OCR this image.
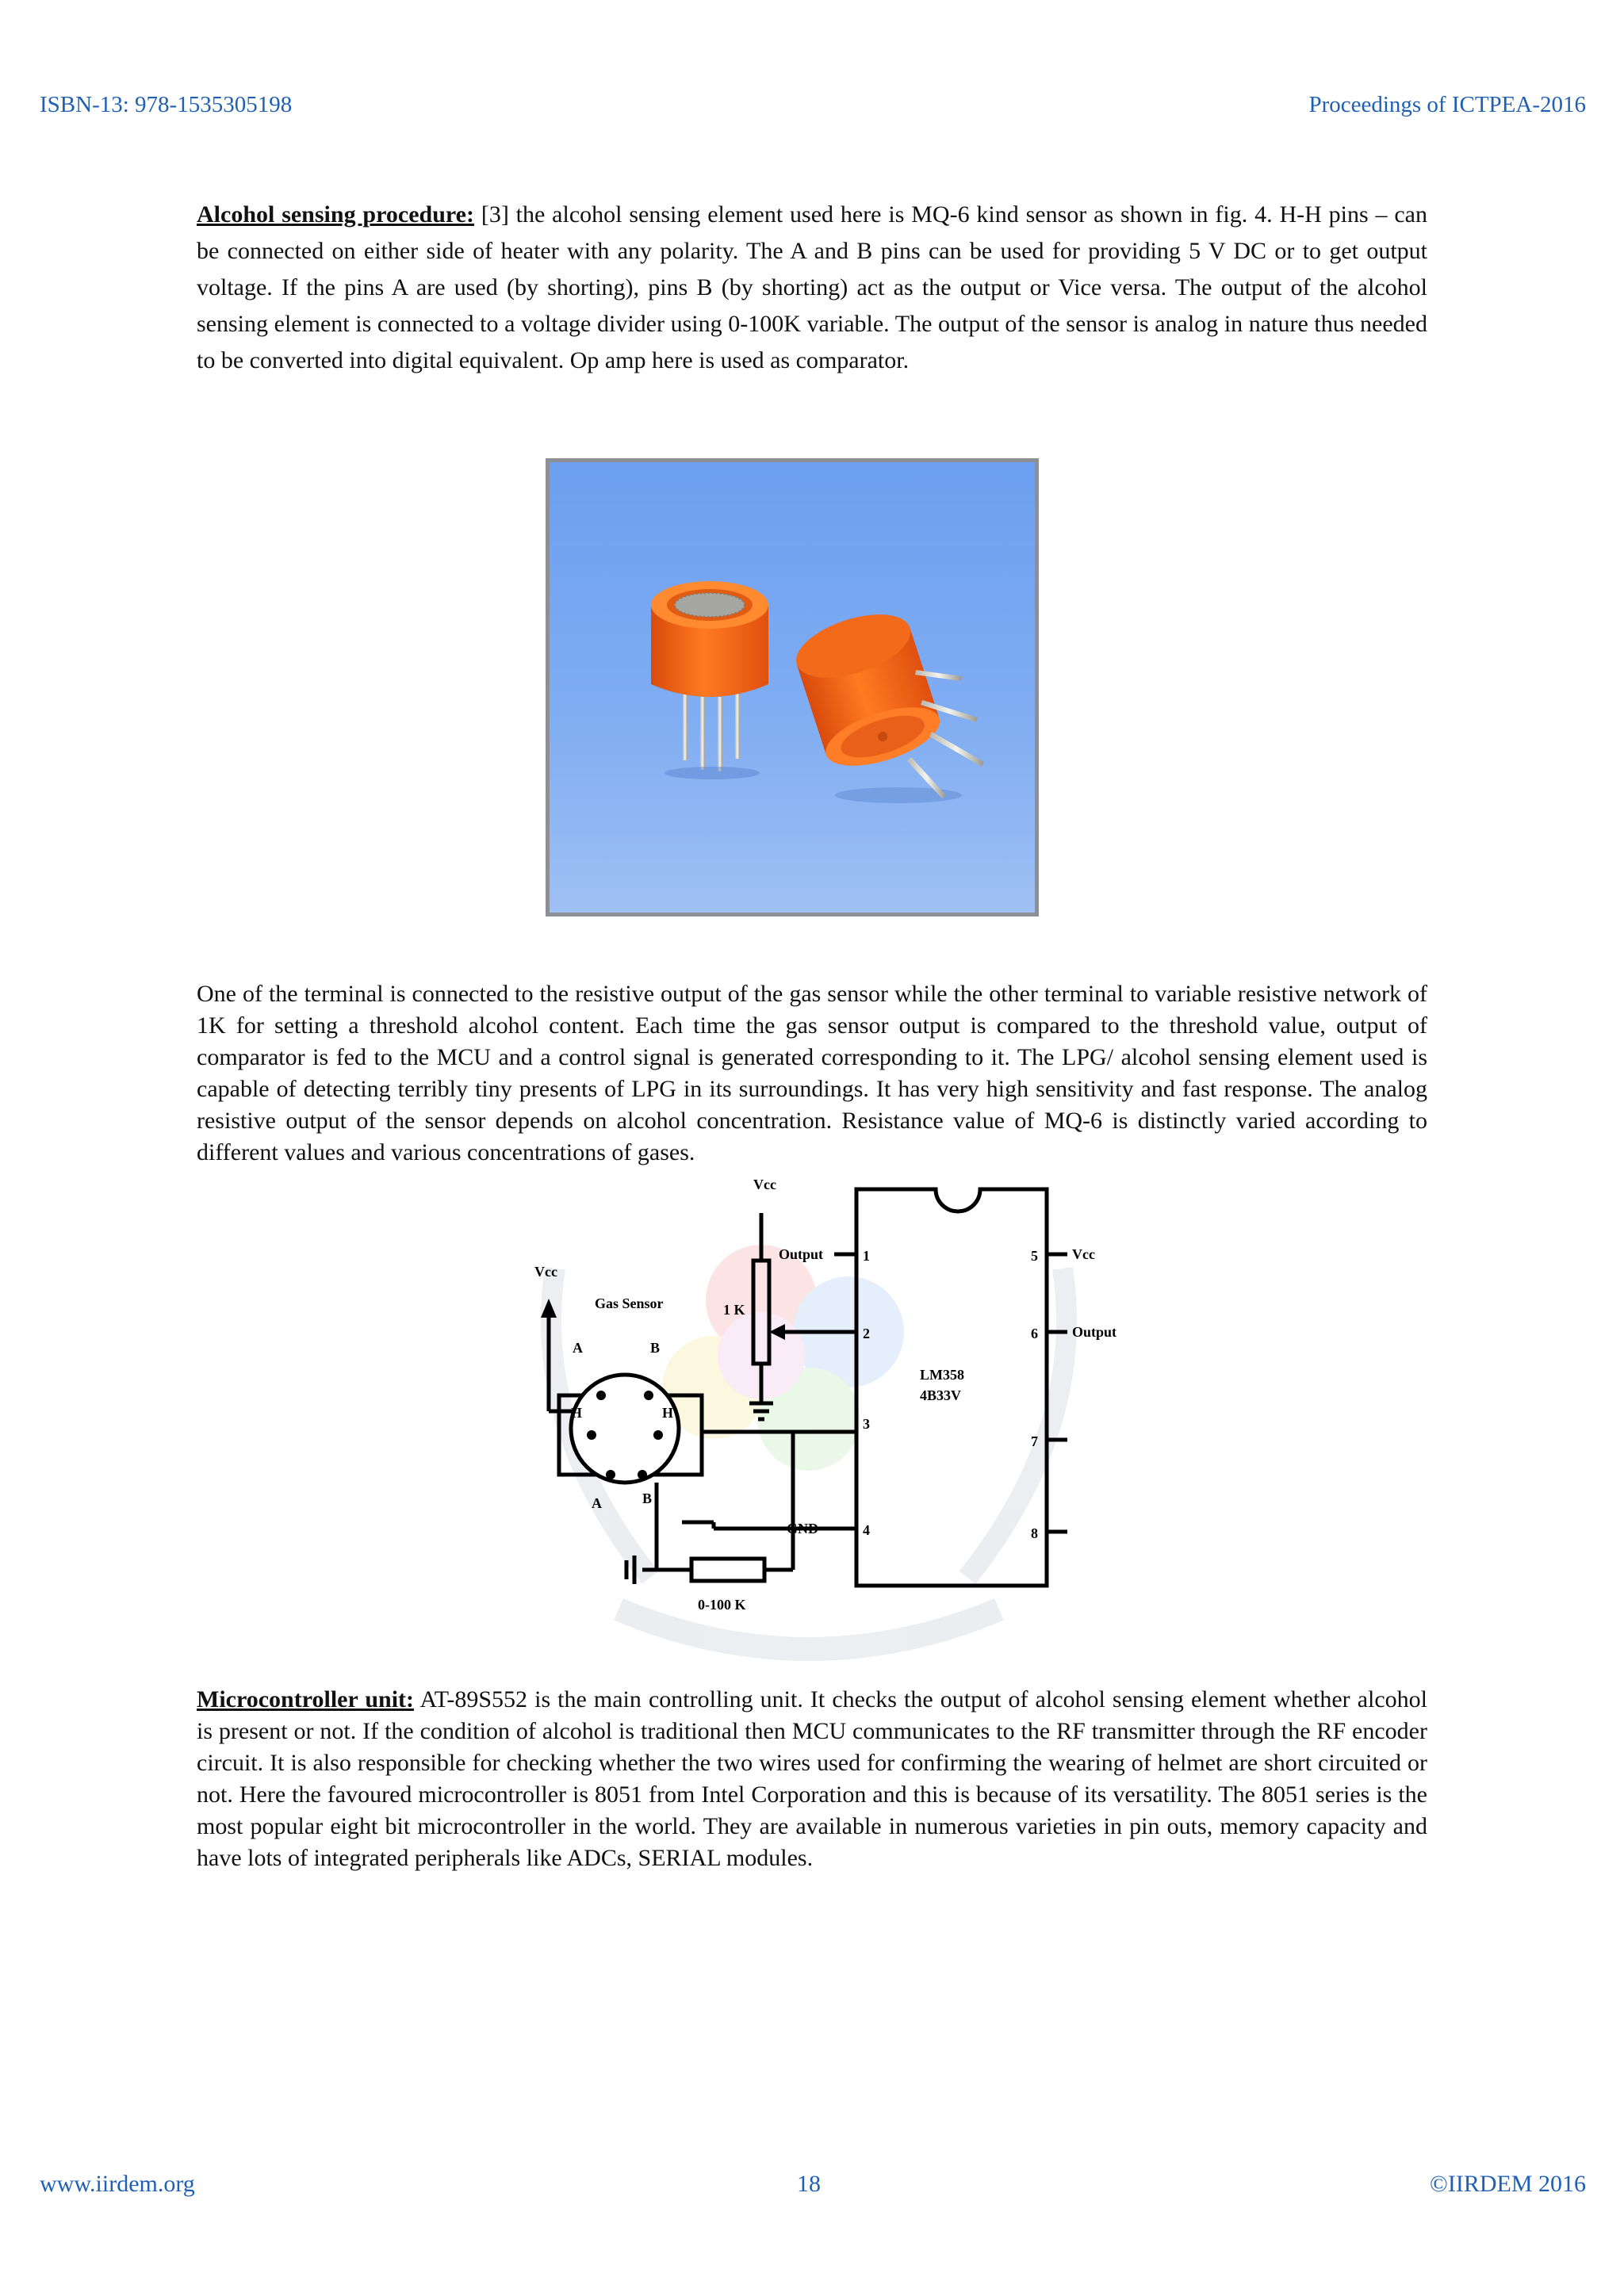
ISBN-13: 978-1535305198	Proceedings of ICTPEA-2016

Alcohol sensing procedure: [3] the alcohol sensing element used here is MQ-6 kind sensor as shown in fig. 4. H-H pins – can be connected on either side of heater with any polarity. The A and B pins can be used for providing 5 V DC or to get output voltage. If the pins A are used (by shorting), pins B (by shorting) act as the output or Vice versa. The output of the alcohol sensing element is connected to a voltage divider using 0-100K variable. The output of the sensor is analog in nature thus needed to be converted into digital equivalent. Op amp here is used as comparator.

One of the terminal is connected to the resistive output of the gas sensor while the other terminal to variable resistive network of 1K for setting a threshold alcohol content. Each time the gas sensor output is compared to the threshold value, output of comparator is fed to the MCU and a control signal is generated corresponding to it. The LPG/ alcohol sensing element used is capable of detecting terribly tiny presents of LPG in its surroundings. It has very high sensitivity and fast response. The analog resistive output of the sensor depends on alcohol concentration. Resistance value of MQ-6 is distinctly varied according to different values and various concentrations of gases.

Vcc
Vcc
Gas Sensor	1 K
A	B
H	H
A	B
0-100 K
LM358
4B33V
Output
GND
Vcc
Output
1
2
3
4
5
6
7
8

Microcontroller unit: AT-89S552 is the main controlling unit. It checks the output of alcohol sensing element whether alcohol is present or not. If the condition of alcohol is traditional then MCU communicates to the RF transmitter through the RF encoder circuit. It is also responsible for checking whether the two wires used for confirming the wearing of helmet are short circuited or not. Here the favoured microcontroller is 8051 from Intel Corporation and this is because of its versatility. The 8051 series is the most popular eight bit microcontroller in the world. They are available in numerous varieties in pin outs, memory capacity and have lots of integrated peripherals like ADCs, SERIAL modules.

www.iirdem.org	18	©IIRDEM 2016
